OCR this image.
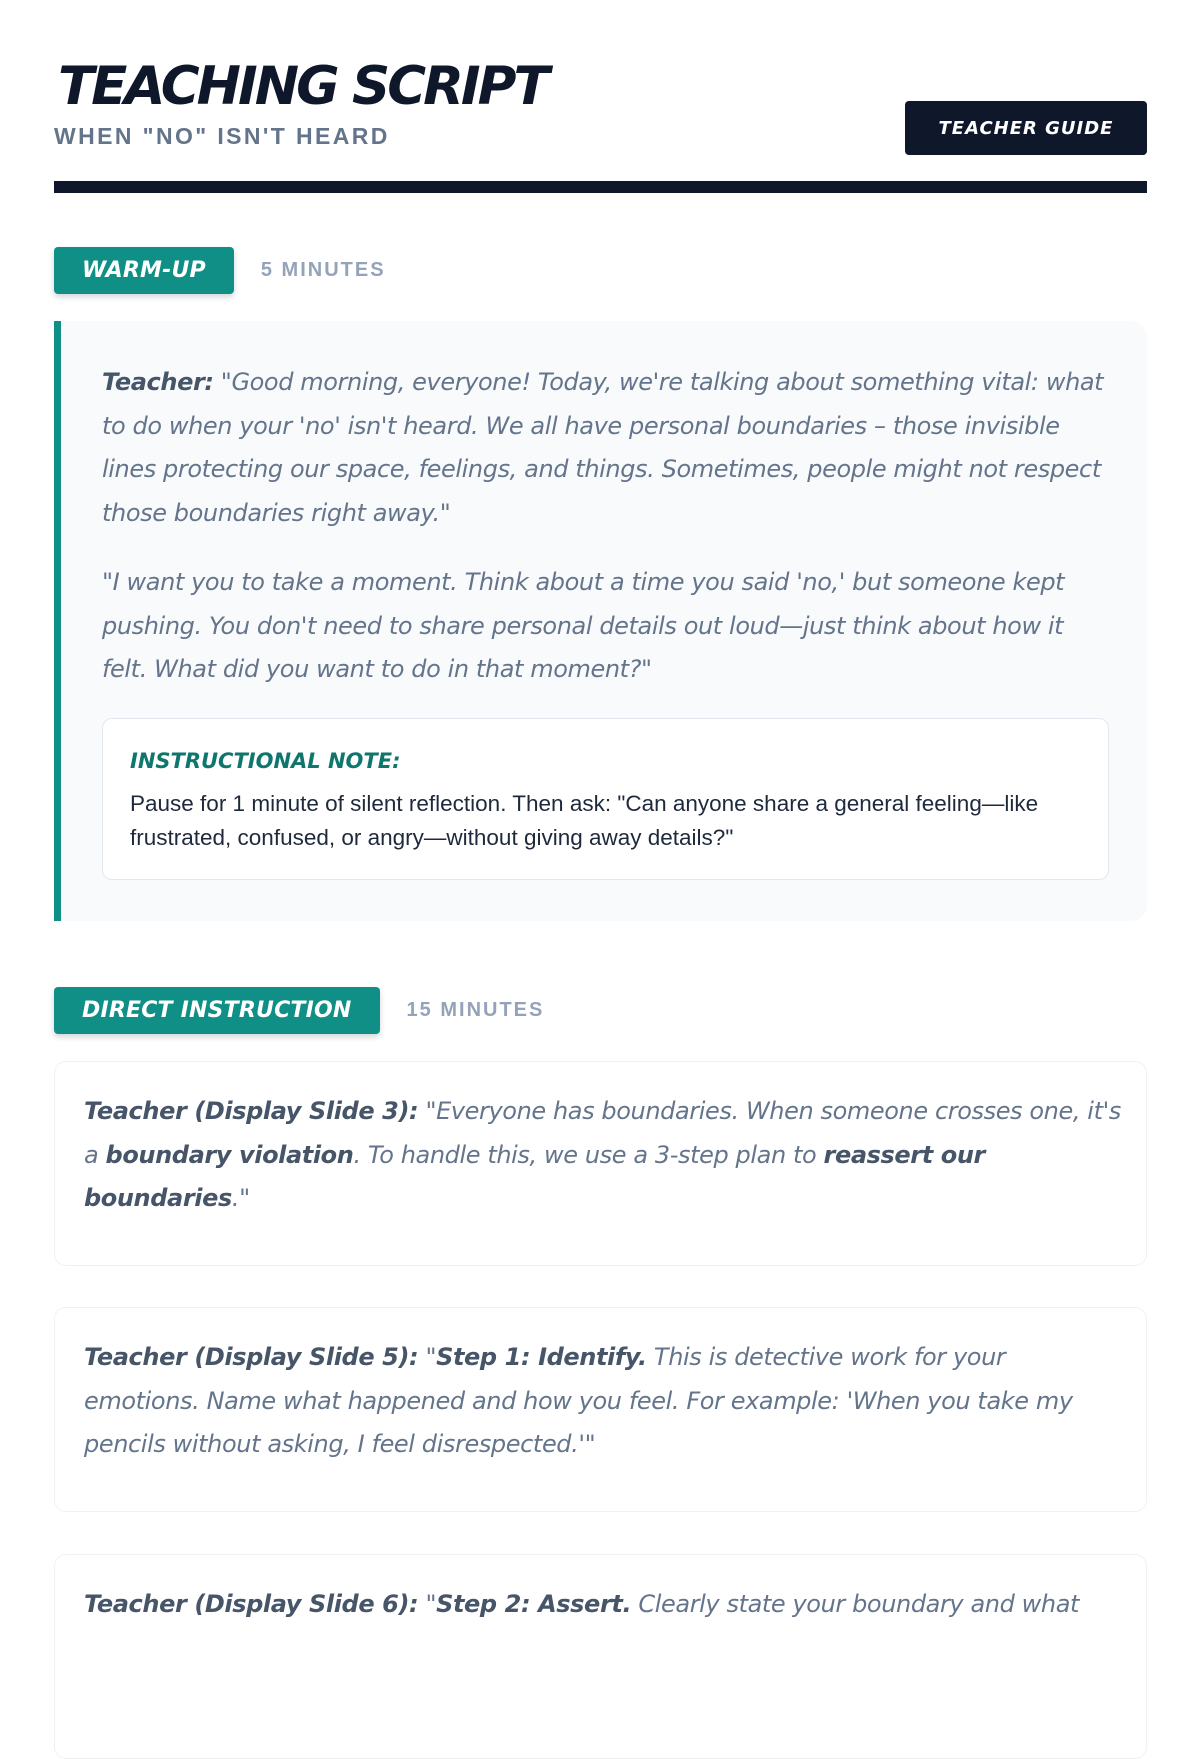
TEACHING SCRIPT
WHEN "NO" ISN'T HEARD	TEACHER GUIDE
WARM-UP	5 MINUTES

Teacher: "Good morning, everyone! Today, we're talking about something vital: what to do when your 'no' isn't heard. We all have personal boundaries – those invisible lines protecting our space, feelings, and things. Sometimes, people might not respect those boundaries right away."

"I want you to take a moment. Think about a time you said 'no,' but someone kept pushing. You don't need to share personal details out loud—just think about how it felt. What did you want to do in that moment?"

INSTRUCTIONAL NOTE:

Pause for 1 minute of silent reflection. Then ask: "Can anyone share a general feeling—like frustrated, confused, or angry—without giving away details?"

DIRECT INSTRUCTION	15 MINUTES

Teacher (Display Slide 3): "Everyone has boundaries. When someone crosses one, it's a boundary violation. To handle this, we use a 3-step plan to reassert our boundaries."

Teacher (Display Slide 5): "Step 1: Identify. This is detective work for your emotions. Name what happened and how you feel. For example: 'When you take my pencils without asking, I feel disrespected.'"

Teacher (Display Slide 6): "Step 2: Assert. Clearly state your boundary and what
